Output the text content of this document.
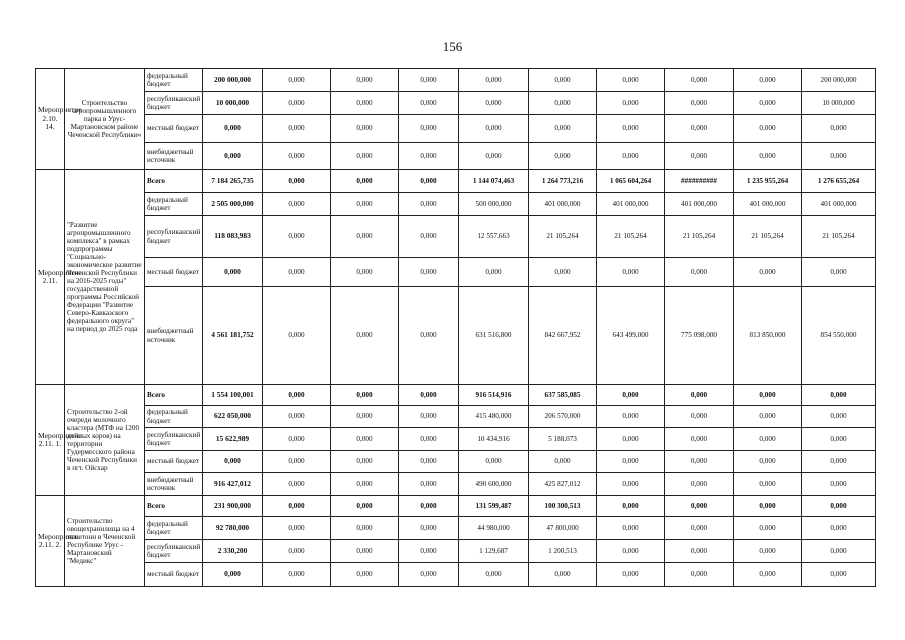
156
Мероприятие 2.10. 14.	Строительство агропромышленного парка в Урус-Мартановском районе Чеченской Республики«	федеральный бюджет	200 000,000	0,000	0,000	0,000	0,000	0,000	0,000	0,000	0,000	200 000,000
		республиканский бюджет	10 000,000	0,000	0,000	0,000	0,000	0,000	0,000	0,000	0,000	10 000,000
		местный бюджет	0,000	0,000	0,000	0,000	0,000	0,000	0,000	0,000	0,000	0,000
		внебюджетный источник	0,000	0,000	0,000	0,000	0,000	0,000	0,000	0,000	0,000	0,000
Мероприятие 2.11.	"Развитие агропромышленного комплекса" в рамках подпрограммы "Социально-экономическое развитие Чеченской Республики на 2016-2025 годы" государственной программы Российской Федерации "Развитие Северо-Кавказского федерального округа" на период до 2025 года	Всего	7 184 265,735	0,000	0,000	0,000	1 144 074,463	1 264 773,216	1 065 604,264	##########	1 235 955,264	1 276 655,264
		федеральный бюджет	2 505 000,000	0,000	0,000	0,000	500 000,000	401 000,000	401 000,000	401 000,000	401 000,000	401 000,000
		республиканский бюджет	118 083,983	0,000	0,000	0,000	12 557,663	21 105,264	21 105,264	21 105,264	21 105,264	21 105,264
		местный бюджет	0,000	0,000	0,000	0,000	0,000	0,000	0,000	0,000	0,000	0,000
		внебюджетный источник	4 561 181,752	0,000	0,000	0,000	631 516,800	842 667,952	643 499,000	775 098,000	813 850,000	854 550,000
Мероприятие 2.11. 1.	Строительство 2-ой очереди молочного кластера (МТФ на 1200 дойных коров) на территории Гудермесского района Чеченской Республики в пгт. Ойсхар	Всего	1 554 100,001	0,000	0,000	0,000	916 514,916	637 585,085	0,000	0,000	0,000	0,000
		федеральный бюджет	622 050,000	0,000	0,000	0,000	415 480,000	206 570,000	0,000	0,000	0,000	0,000
		республиканский бюджет	15 622,989	0,000	0,000	0,000	10 434,916	5 188,073	0,000	0,000	0,000	0,000
		местный бюджет	0,000	0,000	0,000	0,000	0,000	0,000	0,000	0,000	0,000	0,000
		внебюджетный источник	916 427,012	0,000	0,000	0,000	490 600,000	425 827,012	0,000	0,000	0,000	0,000
Мероприятие 2.11. 2.	Строительство овощехранилища на 4 тыс. тонн в Чеченской Республике Урус - Мартановский "Медикс"	Всего	231 900,000	0,000	0,000	0,000	131 599,487	100 300,513	0,000	0,000	0,000	0,000
		федеральный бюджет	92 780,000	0,000	0,000	0,000	44 980,000	47 800,000	0,000	0,000	0,000	0,000
		республиканский бюджет	2 330,200	0,000	0,000	0,000	1 129,687	1 200,513	0,000	0,000	0,000	0,000
		местный бюджет	0,000	0,000	0,000	0,000	0,000	0,000	0,000	0,000	0,000	0,000
